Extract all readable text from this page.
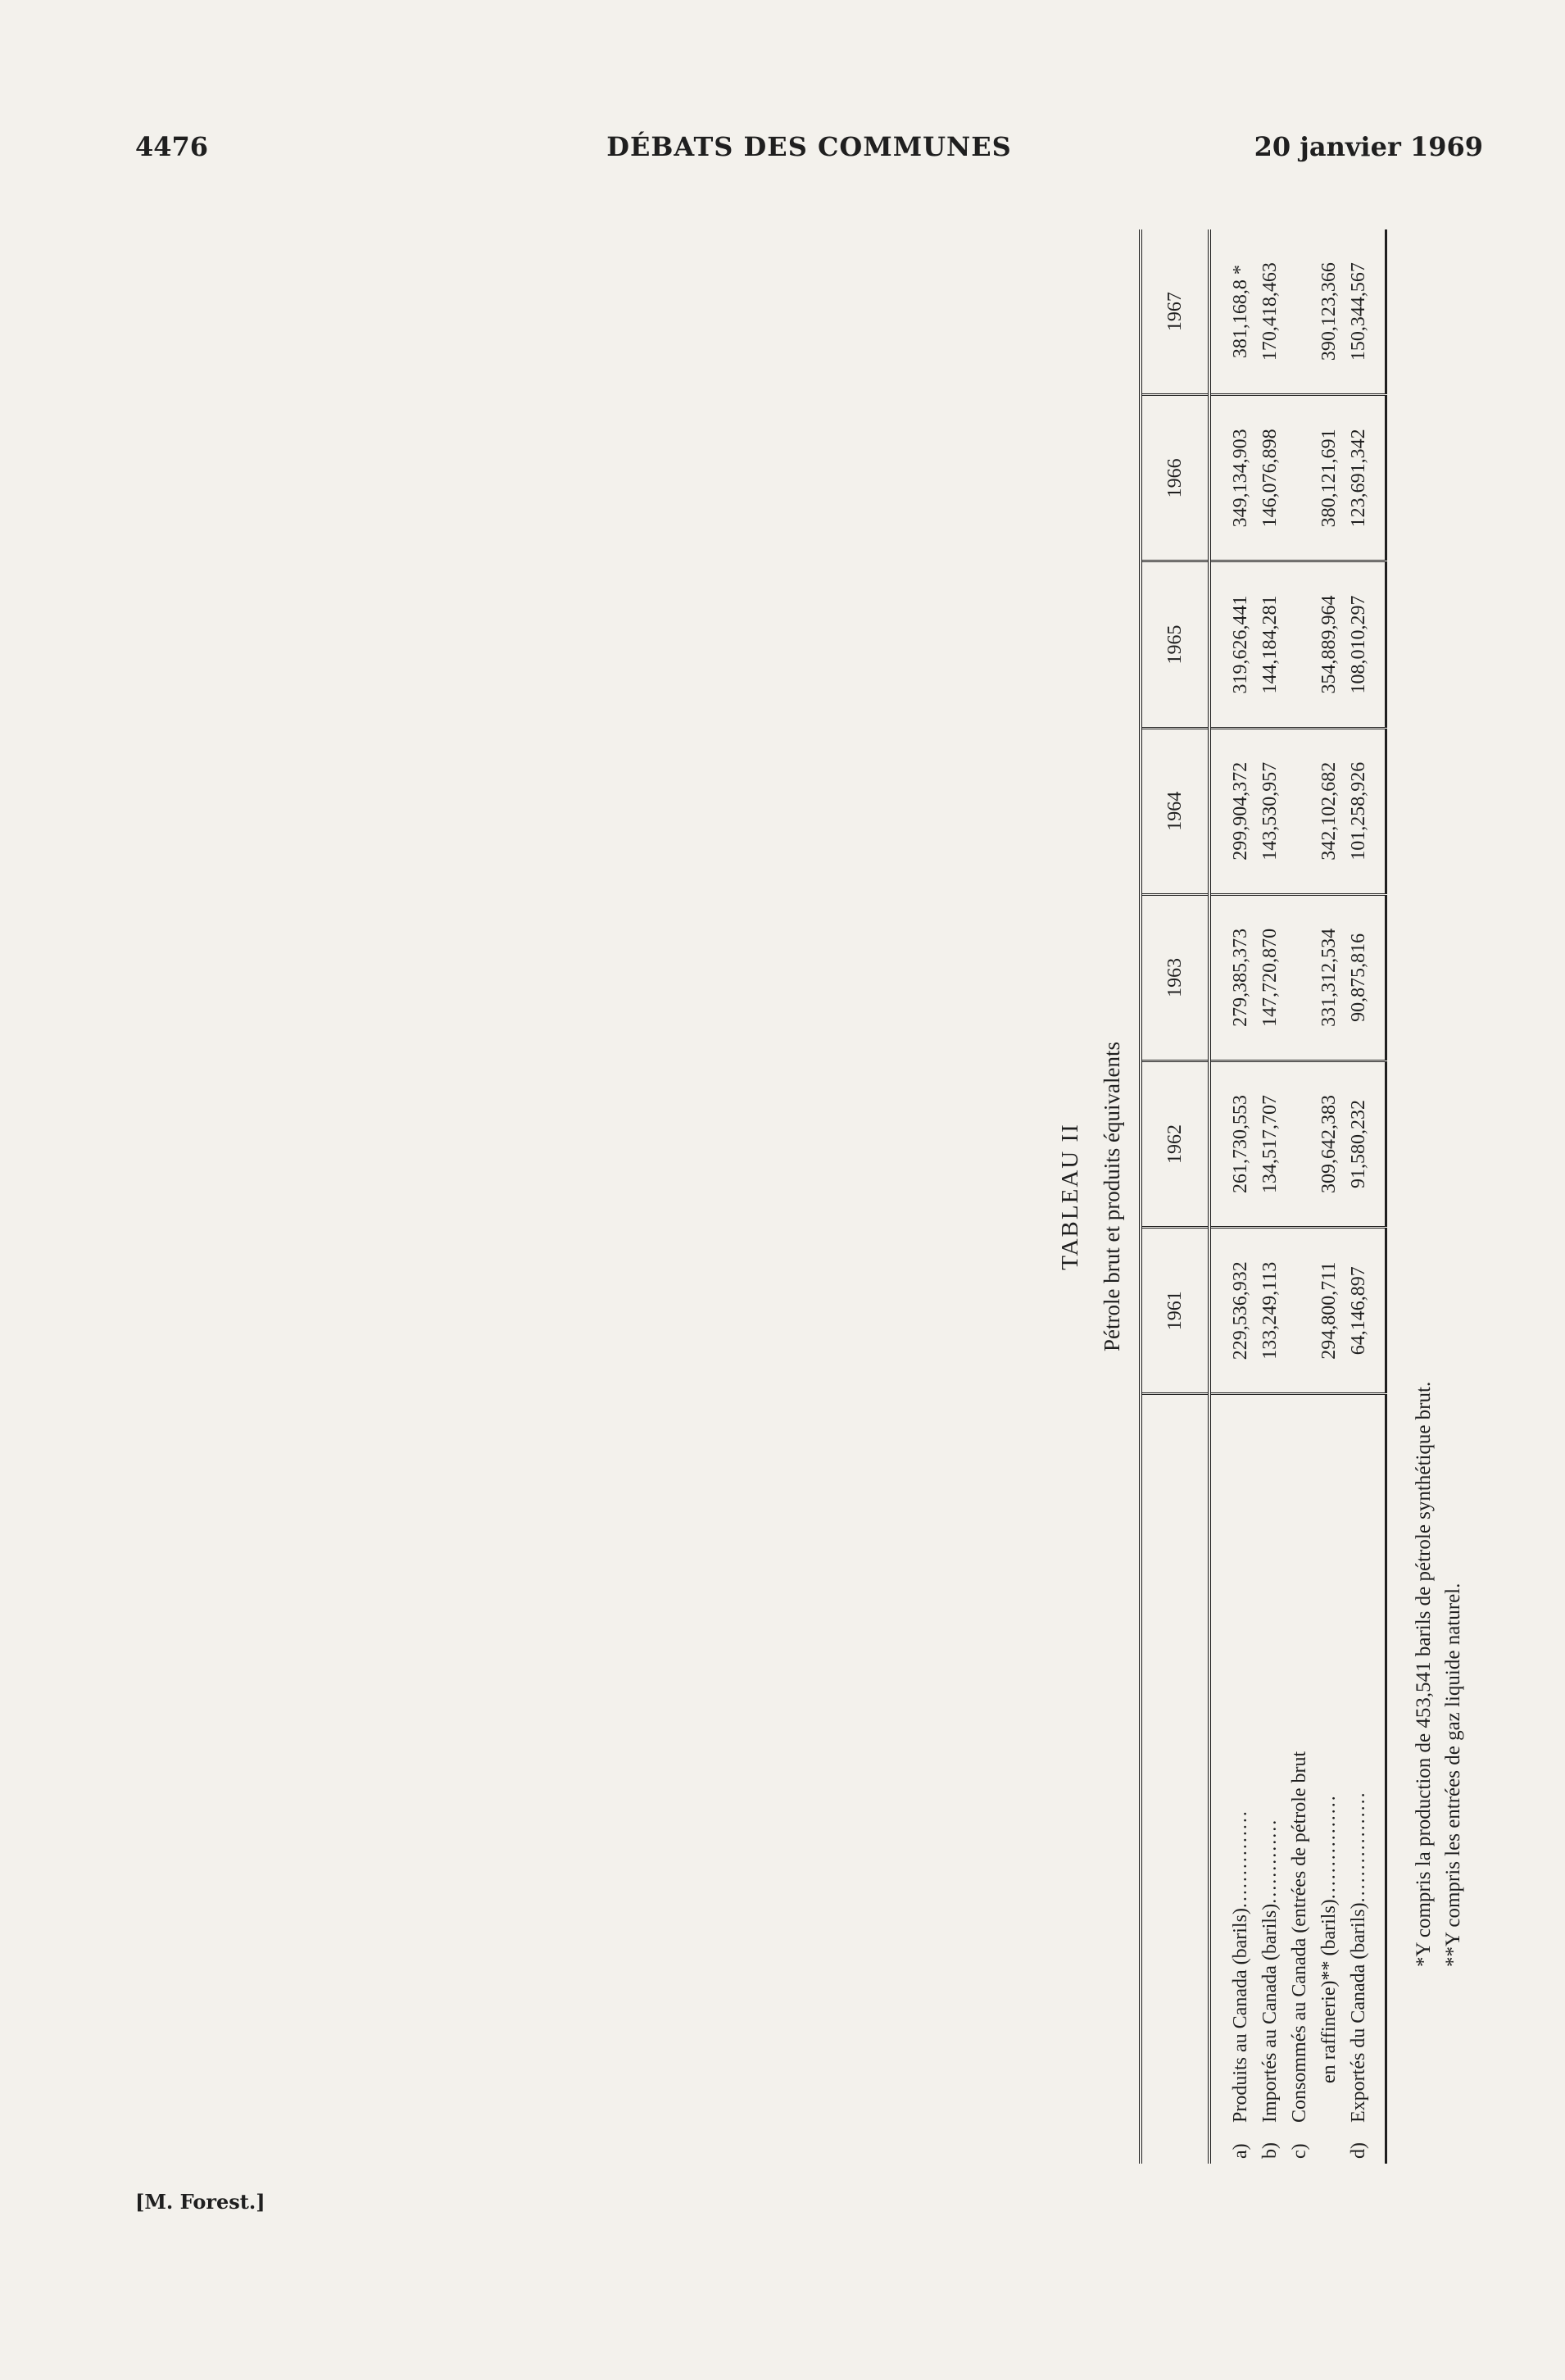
4476	DÉBATS DES COMMUNES	20 janvier 1969
TABLEAU II Pétrole brut et produits équivalents
	1961	1962	1963	1964	1965	1966	1967
a)Produits au Canada (barils)...............	229,536,932	261,730,553	279,385,373	299,904,372	319,626,441	349,134,903	381,168,8 *
b)Importés au Canada (barils).............	133,249,113	134,517,707	147,720,870	143,530,957	144,184,281	146,076,898	170,418,463
c)Consommés au Canada (entrées de pétrole brut en raffinerie)** (barils)................	294,800,711	309,642,383	331,312,534	342,102,682	354,889,964	380,121,691	390,123,366
d)Exportés du Canada (barils).................	64,146,897	91,580,232	90,875,816	101,258,926	108,010,297	123,691,342	150,344,567
*Y compris la production de 453,541 barils de pétrole synthétique brut. **Y compris les entrées de gaz liquide naturel.
[M. Forest.]
